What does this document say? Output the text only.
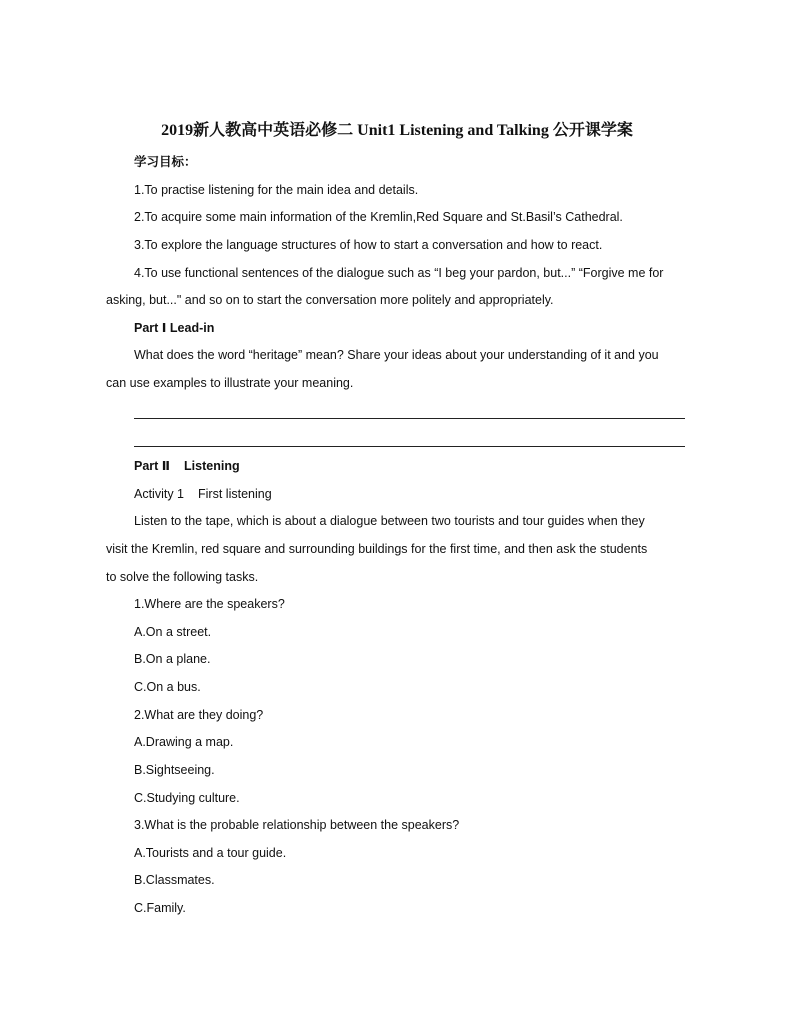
2019新人教高中英语必修二 Unit1 Listening and Talking 公开课学案
学习目标：
1.To practise listening for the main idea and details.
2.To acquire some main information of the Kremlin,Red Square and St.Basil’s Cathedral.
3.To explore the language structures of how to start a conversation and how to react.
4.To use functional sentences of the dialogue such as “I beg your pardon, but...” “Forgive me for
asking, but..." and so on to start the conversation more politely and appropriately.
Part Ⅰ Lead-in
What does the word “heritage” mean? Share your ideas about your understanding of it and you
can use examples to illustrate your meaning.
Part Ⅱ Listening
Activity 1 First listening
Listen to the tape, which is about a dialogue between two tourists and tour guides when they
visit the Kremlin, red square and surrounding buildings for the first time, and then ask the students
to solve the following tasks.
1.Where are the speakers?
A.On a street.
B.On a plane.
C.On a bus.
2.What are they doing?
A.Drawing a map.
B.Sightseeing.
C.Studying culture.
3.What is the probable relationship between the speakers?
A.Tourists and a tour guide.
B.Classmates.
C.Family.
